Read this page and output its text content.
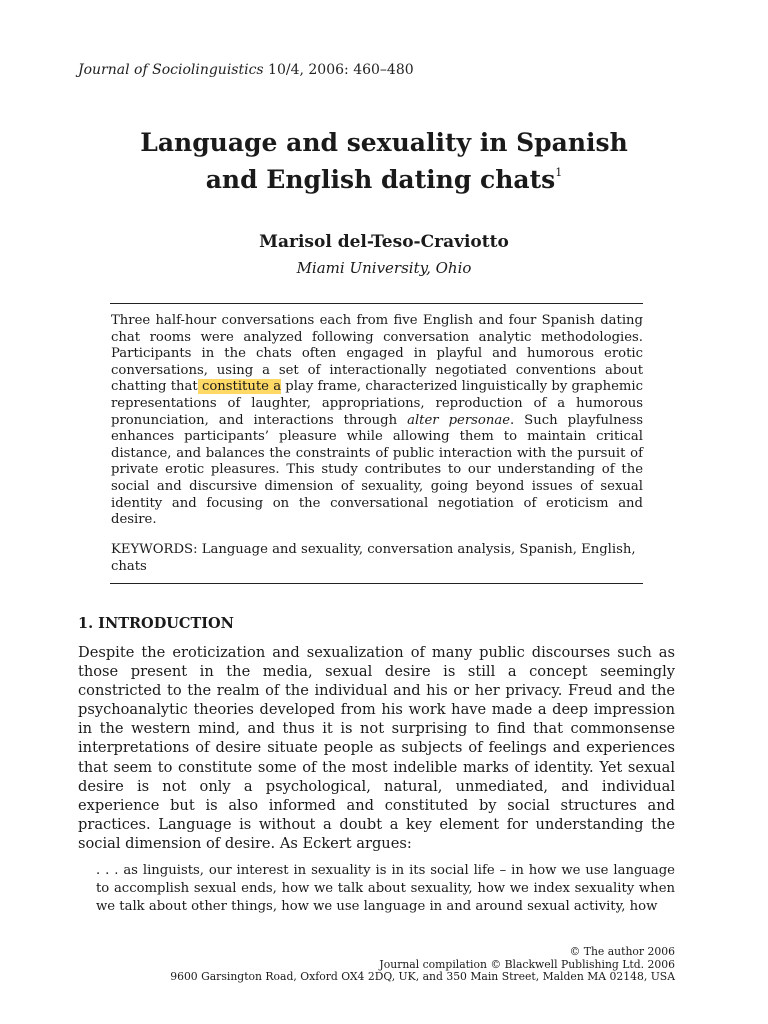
Journal of Sociolinguistics 10/4, 2006: 460–480
Language and sexuality in Spanish
and English dating chats$^1$
Marisol del-Teso-Craviotto
Miami University, Ohio
Three half-hour conversations each from five English and four Spanish dating chat rooms were analyzed following conversation analytic methodologies. Participants in the chats often engaged in playful and humorous erotic conversations, using a set of interactionally negotiated conventions about chatting that constitute a play frame, characterized linguistically by graphemic representations of laughter, appropriations, reproduction of a humorous pronunciation, and interactions through alter personae. Such playfulness enhances participants’ pleasure while allowing them to maintain critical distance, and balances the constraints of public interaction with the pursuit of private erotic pleasures. This study contributes to our understanding of the social and discursive dimension of sexuality, going beyond issues of sexual identity and focusing on the conversational negotiation of eroticism and desire.
KEYWORDS: Language and sexuality, conversation analysis, Spanish, English, chats
1. INTRODUCTION
Despite the eroticization and sexualization of many public discourses such as those present in the media, sexual desire is still a concept seemingly constricted to the realm of the individual and his or her privacy. Freud and the psychoanalytic theories developed from his work have made a deep impression in the western mind, and thus it is not surprising to find that commonsense interpretations of desire situate people as subjects of feelings and experiences that seem to constitute some of the most indelible marks of identity. Yet sexual desire is not only a psychological, natural, unmediated, and individual experience but is also informed and constituted by social structures and practices. Language is without a doubt a key element for understanding the social dimension of desire. As Eckert argues:
. . . as linguists, our interest in sexuality is in its social life – in how we use language to accomplish sexual ends, how we talk about sexuality, how we index sexuality when we talk about other things, how we use language in and around sexual activity, how
© The author 2006
Journal compilation © Blackwell Publishing Ltd. 2006
9600 Garsington Road, Oxford OX4 2DQ, UK, and 350 Main Street, Malden MA 02148, USA
